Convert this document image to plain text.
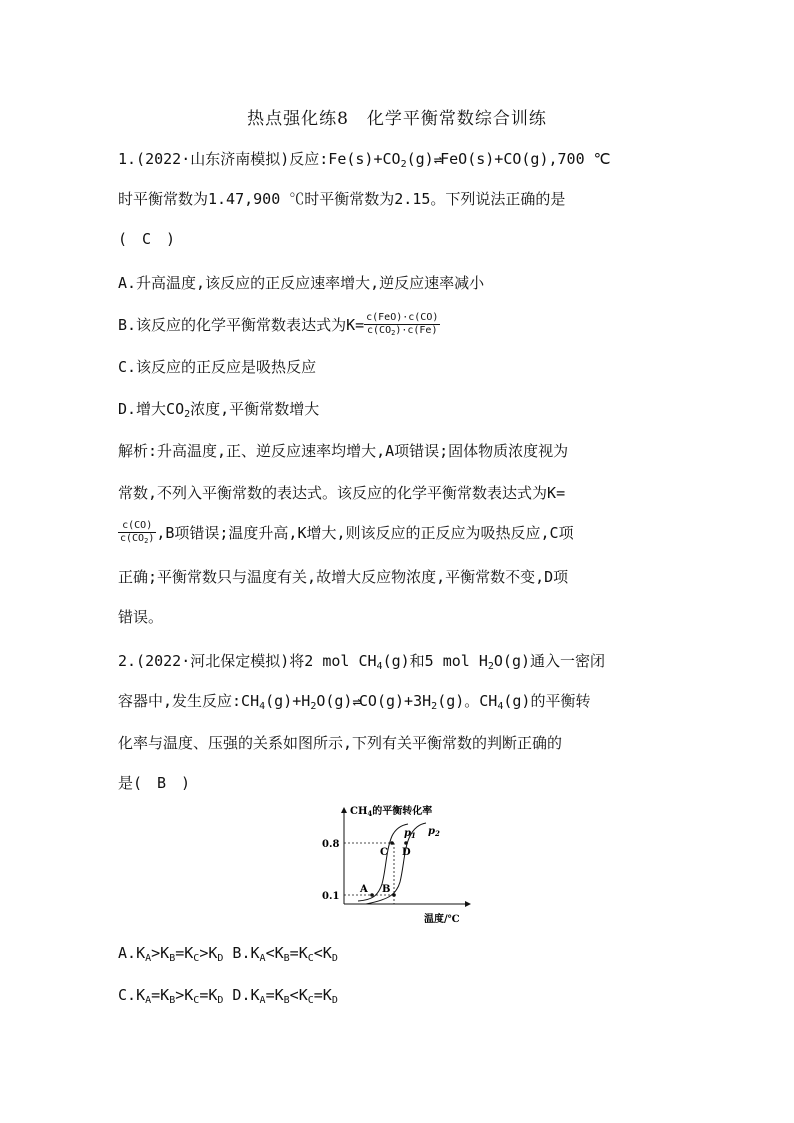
热点强化练8　化学平衡常数综合训练
1.(2022·山东济南模拟)反应$:Fe(s)+CO_2(g)\rightleftharpoons FeO(s)+CO(g),700$ ℃
时平衡常数为1.47,900 ℃时平衡常数为2.15。下列说法正确的是
(　C　)
A.升高温度,该反应的正反应速率增大,逆反应速率减小
B.该反应的化学平衡常数表达式为$K= \frac{\text{c(FeO)·c(CO)}}{c(CO_2)\cdot c(Fe)}$
C.该反应的正反应是吸热反应
D.增大$CO_2$浓度,平衡常数增大
解析:升高温度,正、逆反应速率均增大,A项错误;固体物质浓度视为
常数,不列入平衡常数的表达式。该反应的化学平衡常数表达式为K=
$\frac{c(CO)}{c(CO_2)} ,B$项错误;温度升高,K增大,则该反应的正反应为吸热反应,C项
正确;平衡常数只与温度有关,故增大反应物浓度,平衡常数不变,D项
错误。
2.(2022·河北保定模拟)将2 mol $CH_4(g)$和5 mol $H_2O(g)$通入一密闭
容器中,发生反应$:CH_4(g)+H_2O(g)\rightleftharpoons CO(g)+3H_2(g)$。$CH_4(g)$的平衡转
化率与温度、压强的关系如图所示,下列有关平衡常数的判断正确的
是(　B　)
$CH_4$的平衡转化率
温度/℃
0.8
0.1
A B
C D
$p_1$ $p_2$
$A.K_A>K_B=K_C>K_D$ $B.K_A<K_B=K_C<K_D$
$C.K_A=K_B>K_C=K_D$ $D.K_A=K_B<K_C=K_D$
